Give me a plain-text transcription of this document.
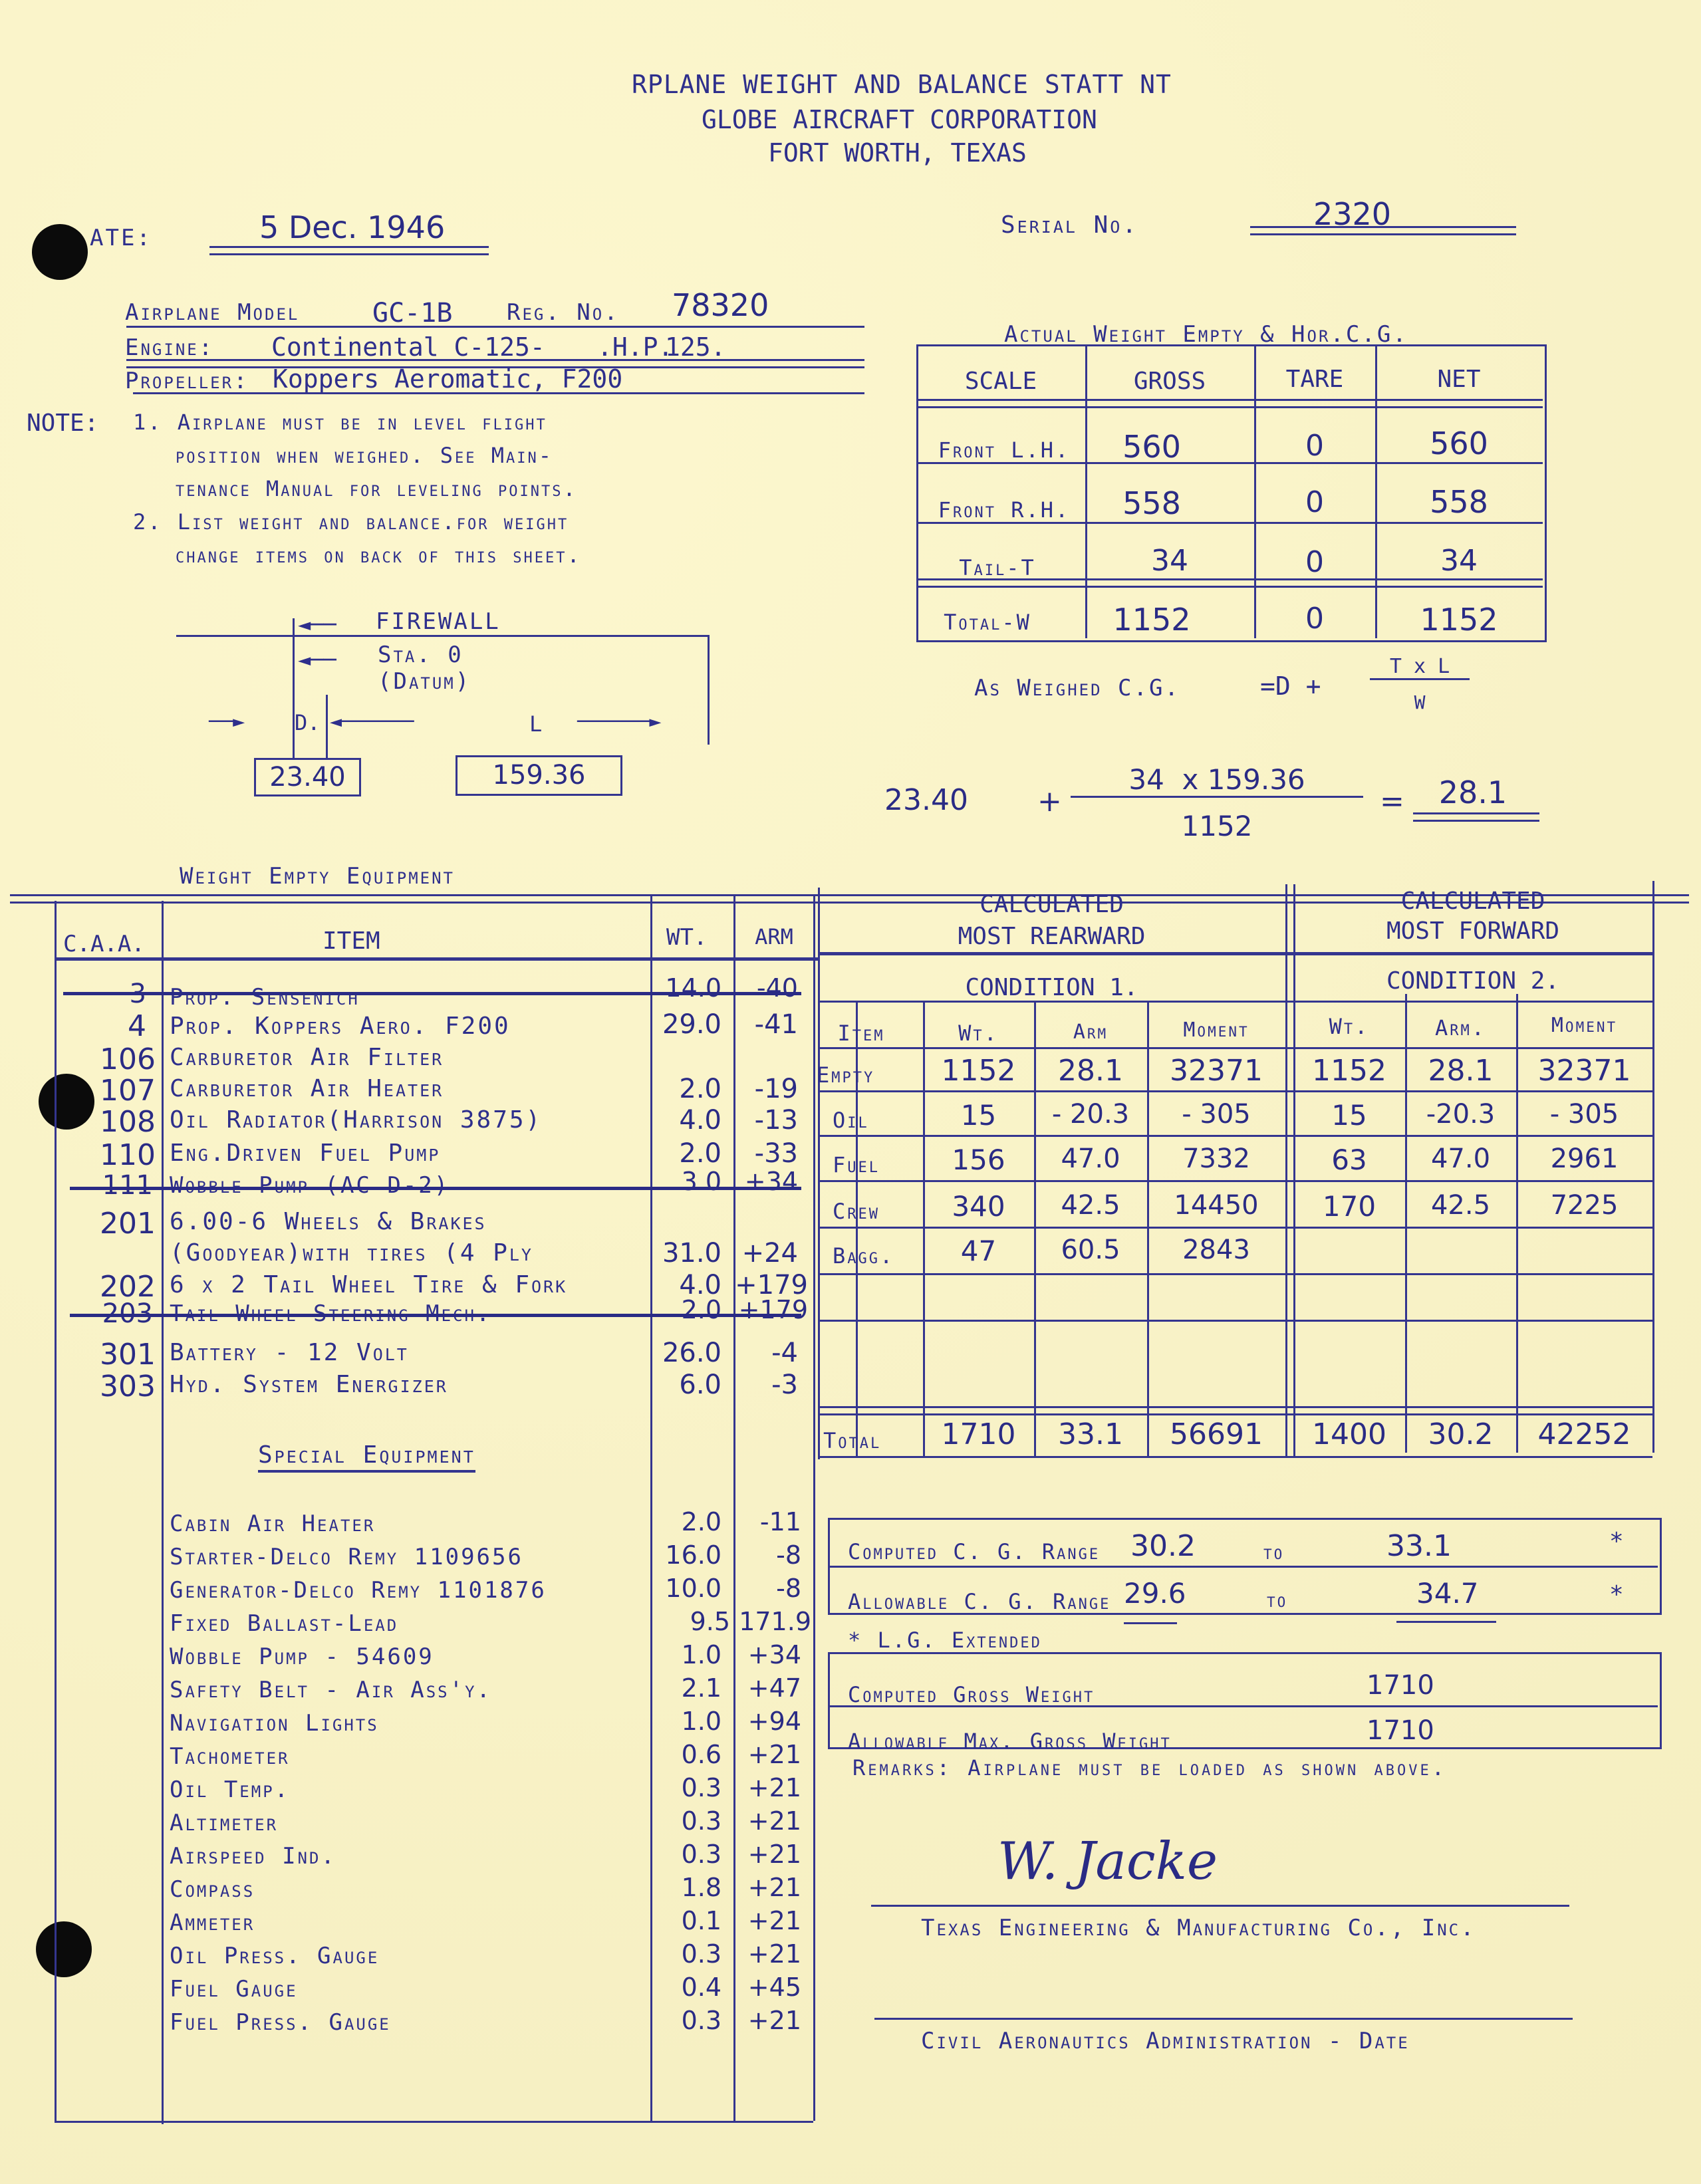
RPLANE WEIGHT AND BALANCE STATT NT
GLOBE AIRCRAFT CORPORATION
FORT WORTH, TEXAS
ATE:	5 Dec. 1946	Serial No.	2320
Airplane Model	GC-1B Reg. No. 78320
Engine: Continental C-125- .H.P.
125.
Propeller: Koppers Aeromatic, F200
NOTE: 1. Airplane must be in level flight
position when weighed. See Main-
tenance Manual for leveling points.
2. List weight and balance.for weight
change items on back of this sheet.
◄── FIREWALL
◄── Sta. 0 (Datum)
──► D. ◄──────	L ──────►
23.40	159.36
Actual Weight Empty & Hor.C.G.
SCALE	GROSS	TARE	NET
Front L.H.	560	0	560
Front R.H.	558	0	558
Tail-T	34	0	34
Total-W	1152	0	1152
As Weighed C.G.	=D +
T x L
W
23.40 +
34  x 159.36
1152
=	28.1
Weight Empty Equipment
C.A.A.	ITEM	WT.	ARM
3 Prop. Sensenich	14.0	-40
4 Prop. Koppers Aero. F200	29.0	-41
106 Carburetor Air Filter
107 Carburetor Air Heater	2.0	-19
108 Oil Radiator(Harrison 3875)	4.0	-13
110 Eng.Driven Fuel Pump	2.0	-33
111 Wobble Pump (AC D-2)	3.0 +34
201 6.00-6 Wheels & Brakes
(Goodyear)with tires (4 Ply	31.0 +24
202 6 x 2 Tail Wheel Tire & Fork	4.0 +179
203 Tail Wheel Steering Mech.	2.0 +179
301 Battery - 12 Volt	26.0	-4
303 Hyd. System Energizer	6.0	-3
Special Equipment
Cabin Air Heater	2.0	-11
Starter-Delco Remy 1109656	16.0	-8
Generator-Delco Remy 1101876	10.0	-8
Fixed Ballast-Lead	9.5 171.9
Wobble Pump - 54609	1.0	+34
Safety Belt - Air Ass'y.	2.1	+47
Navigation Lights	1.0	+94
Tachometer	0.6	+21
Oil Temp.	0.3	+21
Altimeter	0.3	+21
Airspeed Ind.	0.3	+21
Compass	1.8	+21
Ammeter	0.1	+21
Oil Press. Gauge	0.3	+21
Fuel Gauge	0.4	+45
Fuel Press. Gauge	0.3	+21
CALCULATED
MOST REARWARD
CALCULATED
MOST FORWARD
CONDITION 1.	CONDITION 2.
Item	Wt.	Arm	Moment	Wt.	Arm.	Moment
Empty	1152	28.1	32371	1152	28.1	32371
Oil	15	- 20.3	- 305	15	-20.3	- 305
Fuel	156	47.0	7332	63	47.0	2961
Crew	340	42.5	14450	170	42.5	7225
Bagg.	47	60.5	2843
Total	1710	33.1	56691	1400	30.2	42252
Computed C. G. Range 30.2	to	33.1	*
Allowable C. G. Range 29.6	to	34.7	*
* L.G. Extended
Computed Gross Weight	1710
Allowable Max. Gross Weight	1710
Remarks: Airplane must be loaded as shown above.
W. Jacke
Texas Engineering & Manufacturing Co., Inc.
Civil Aeronautics Administration - Date
